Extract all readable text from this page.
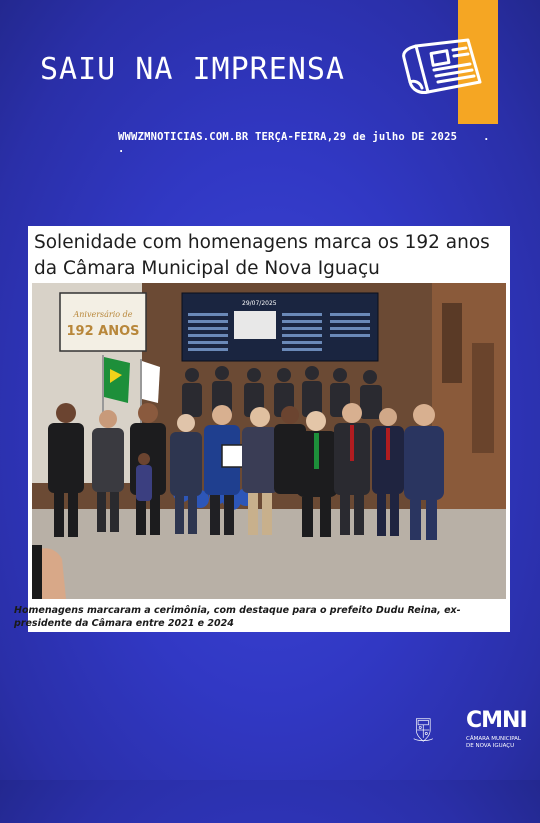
SAIU NA IMPRENSA
WWWZMNOTICIAS.COM.BR TERÇA-FEIRA,29 de julho DE 2025 . .
Solenidade com homenagens marca os 192 anos da Câmara Municipal de Nova Iguaçu
Aniversário de
192 ANOS
29/07/2025

Homenagens marcaram a cerimônia, com destaque para o prefeito Dudu Reina, ex-presidente da Câmara entre 2021 e 2024

CMNI
CÂMARA MUNICIPAL
DE NOVA IGUAÇU
